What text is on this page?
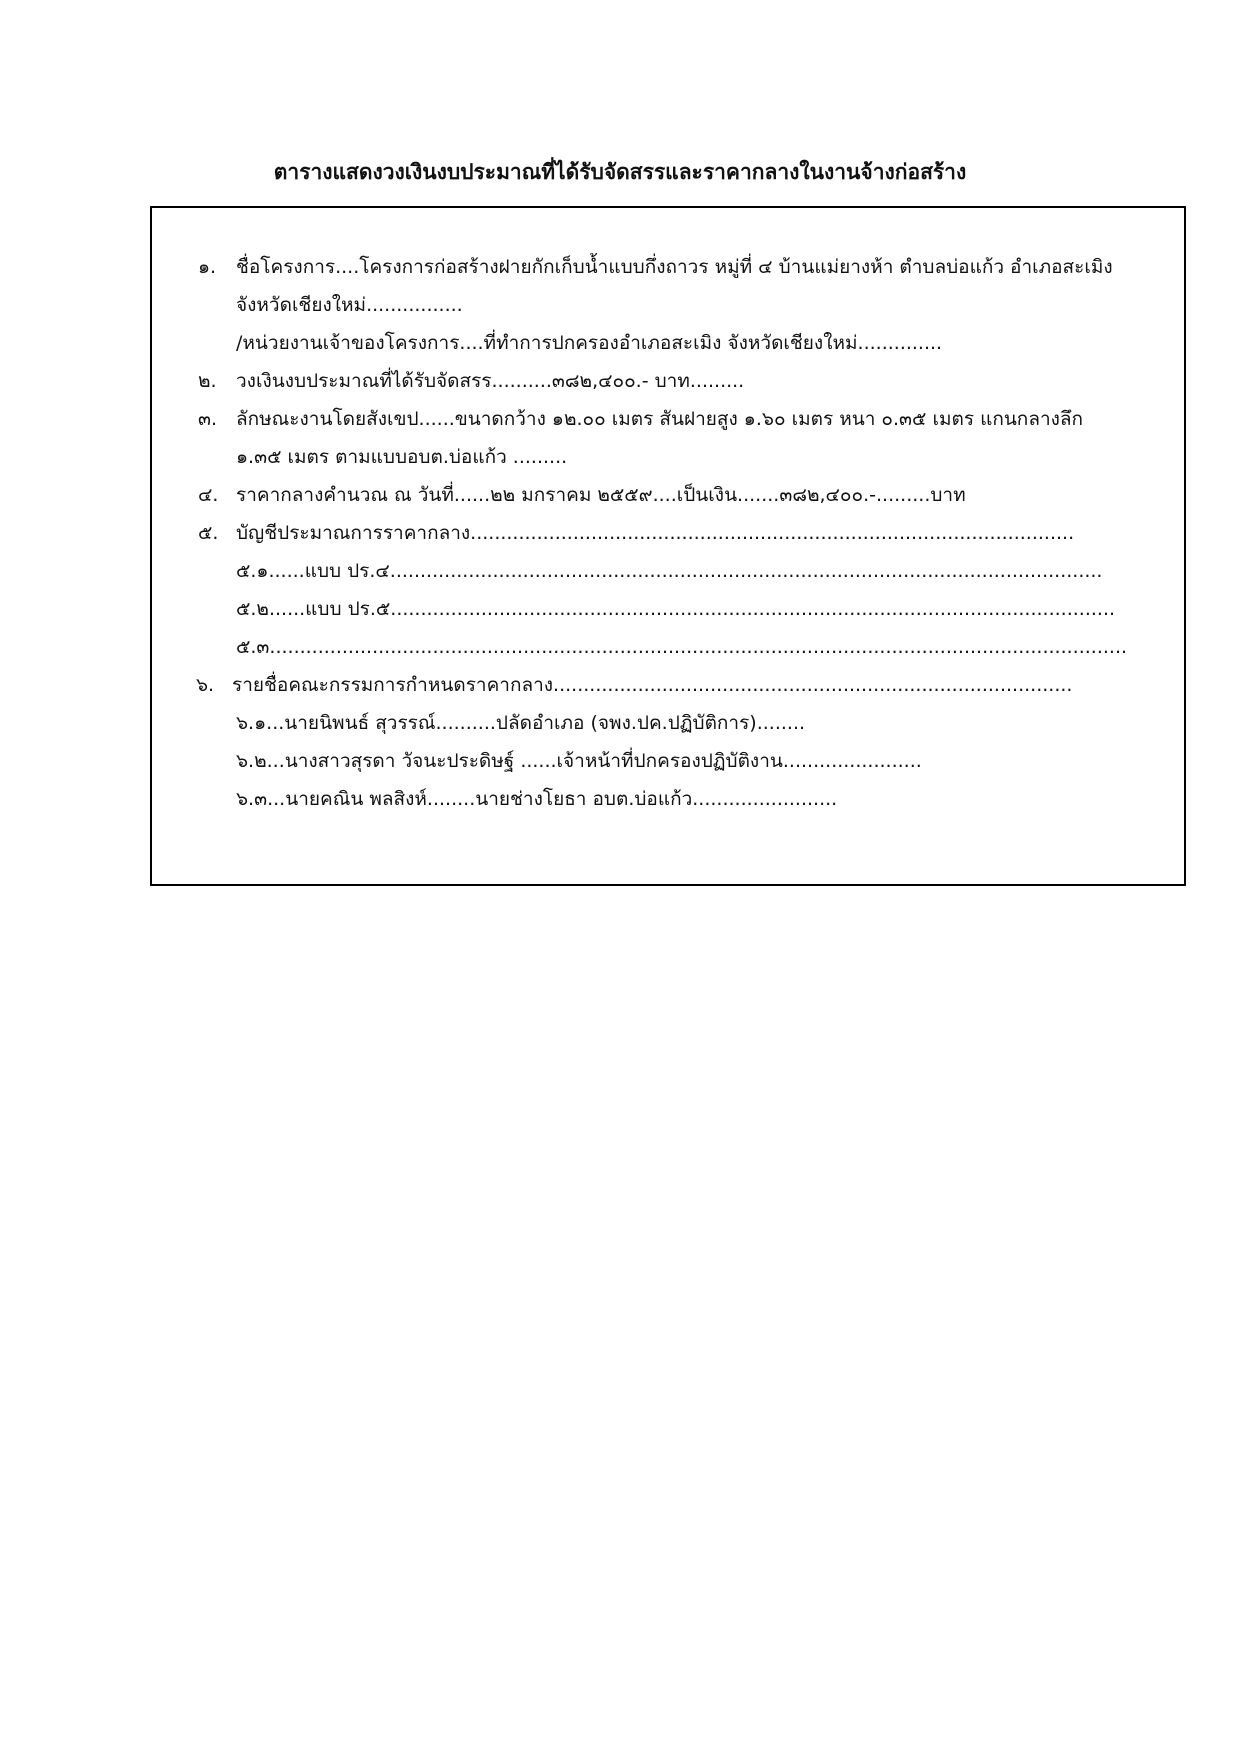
ตารางแสดงวงเงินงบประมาณที่ได้รับจัดสรรและราคากลางในงานจ้างก่อสร้าง
๑. ชื่อโครงการ....โครงการก่อสร้างฝายกักเก็บน้ำแบบกึ่งถาวร หมู่ที่ ๔ บ้านแม่ยางห้า ตำบลบ่อแก้ว อำเภอสะเมิง
จังหวัดเชียงใหม่................
/หน่วยงานเจ้าของโครงการ....ที่ทำการปกครองอำเภอสะเมิง จังหวัดเชียงใหม่..............
๒. วงเงินงบประมาณที่ได้รับจัดสรร..........๓๘๒,๔๐๐.- บาท.........
๓. ลักษณะงานโดยสังเขป......ขนาดกว้าง ๑๒.๐๐ เมตร สันฝายสูง ๑.๖๐ เมตร หนา ๐.๓๕ เมตร แกนกลางลึก
๑.๓๕ เมตร ตามแบบอบต.บ่อแก้ว .........
๔. ราคากลางคำนวณ ณ วันที่......๒๒ มกราคม ๒๕๕๙....เป็นเงิน.......๓๘๒,๔๐๐.-.........บาท
๕. บัญชีประมาณการราคากลาง....................................................................................................
๕.๑......แบบ ปร.๔......................................................................................................................
๕.๒......แบบ ปร.๕........................................................................................................................
๕.๓..............................................................................................................................................
๖. รายชื่อคณะกรรมการกำหนดราคากลาง......................................................................................
๖.๑...นายนิพนธ์ สุวรรณ์..........ปลัดอำเภอ (จพง.ปค.ปฏิบัติการ)........
๖.๒...นางสาวสุรดา วัจนะประดิษฐ์ ......เจ้าหน้าที่ปกครองปฏิบัติงาน.......................
๖.๓...นายคณิน พลสิงห์........นายช่างโยธา อบต.บ่อแก้ว........................
